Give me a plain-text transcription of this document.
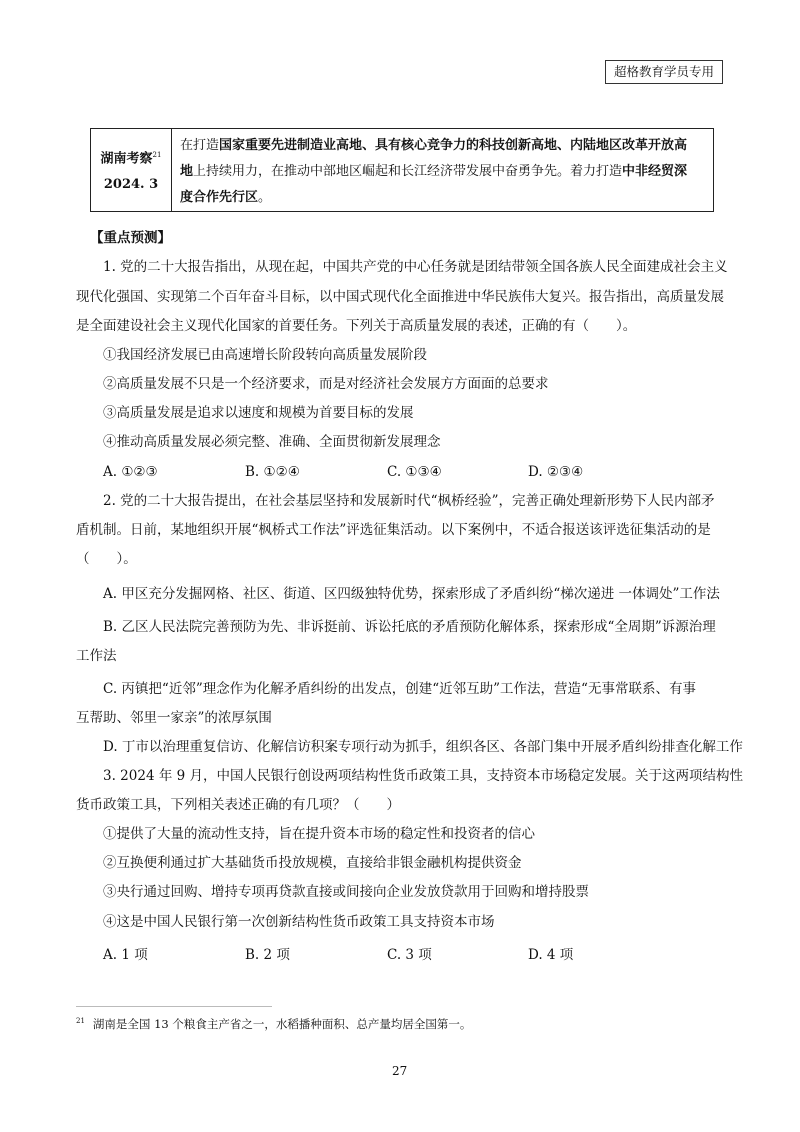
超格教育学员专用
湖南考察$^{21}$
2024. 3
在打造国家重要先进制造业高地、具有核心竞争力的科技创新高地、内陆地区改革开放高
地上持续用力，在推动中部地区崛起和长江经济带发展中奋勇争先。着力打造中非经贸深
度合作先行区。
【重点预测】
1. 党的二十大报告指出，从现在起，中国共产党的中心任务就是团结带领全国各族人民全面建成社会主义
现代化强国、实现第二个百年奋斗目标，以中国式现代化全面推进中华民族伟大复兴。报告指出，高质量发展
是全面建设社会主义现代化国家的首要任务。下列关于高质量发展的表述，正确的有（　　）。
①我国经济发展已由高速增长阶段转向高质量发展阶段
②高质量发展不只是一个经济要求，而是对经济社会发展方方面面的总要求
③高质量发展是追求以速度和规模为首要目标的发展
④推动高质量发展必须完整、准确、全面贯彻新发展理念
A. ①②③	B. ①②④	C. ①③④	D. ②③④
2. 党的二十大报告提出，在社会基层坚持和发展新时代“枫桥经验”，完善正确处理新形势下人民内部矛
盾机制。日前，某地组织开展“枫桥式工作法”评选征集活动。以下案例中，不适合报送该评选征集活动的是
（　　）。
A. 甲区充分发掘网格、社区、街道、区四级独特优势，探索形成了矛盾纠纷“梯次递进 一体调处”工作法
B. 乙区人民法院完善预防为先、非诉挺前、诉讼托底的矛盾预防化解体系，探索形成“全周期”诉源治理
工作法
C. 丙镇把“近邻”理念作为化解矛盾纠纷的出发点，创建“近邻互助”工作法，营造“无事常联系、有事
互帮助、邻里一家亲”的浓厚氛围
D. 丁市以治理重复信访、化解信访积案专项行动为抓手，组织各区、各部门集中开展矛盾纠纷排查化解工作
3. 2024 年 9 月，中国人民银行创设两项结构性货币政策工具，支持资本市场稳定发展。关于这两项结构性
货币政策工具，下列相关表述正确的有几项？（　　）
①提供了大量的流动性支持，旨在提升资本市场的稳定性和投资者的信心
②互换便利通过扩大基础货币投放规模，直接给非银金融机构提供资金
③央行通过回购、增持专项再贷款直接或间接向企业发放贷款用于回购和增持股票
④这是中国人民银行第一次创新结构性货币政策工具支持资本市场
A. 1 项	B. 2 项	C. 3 项	D. 4 项
$^{21}$ 湖南是全国 13 个粮食主产省之一，水稻播种面积、总产量均居全国第一。
27
